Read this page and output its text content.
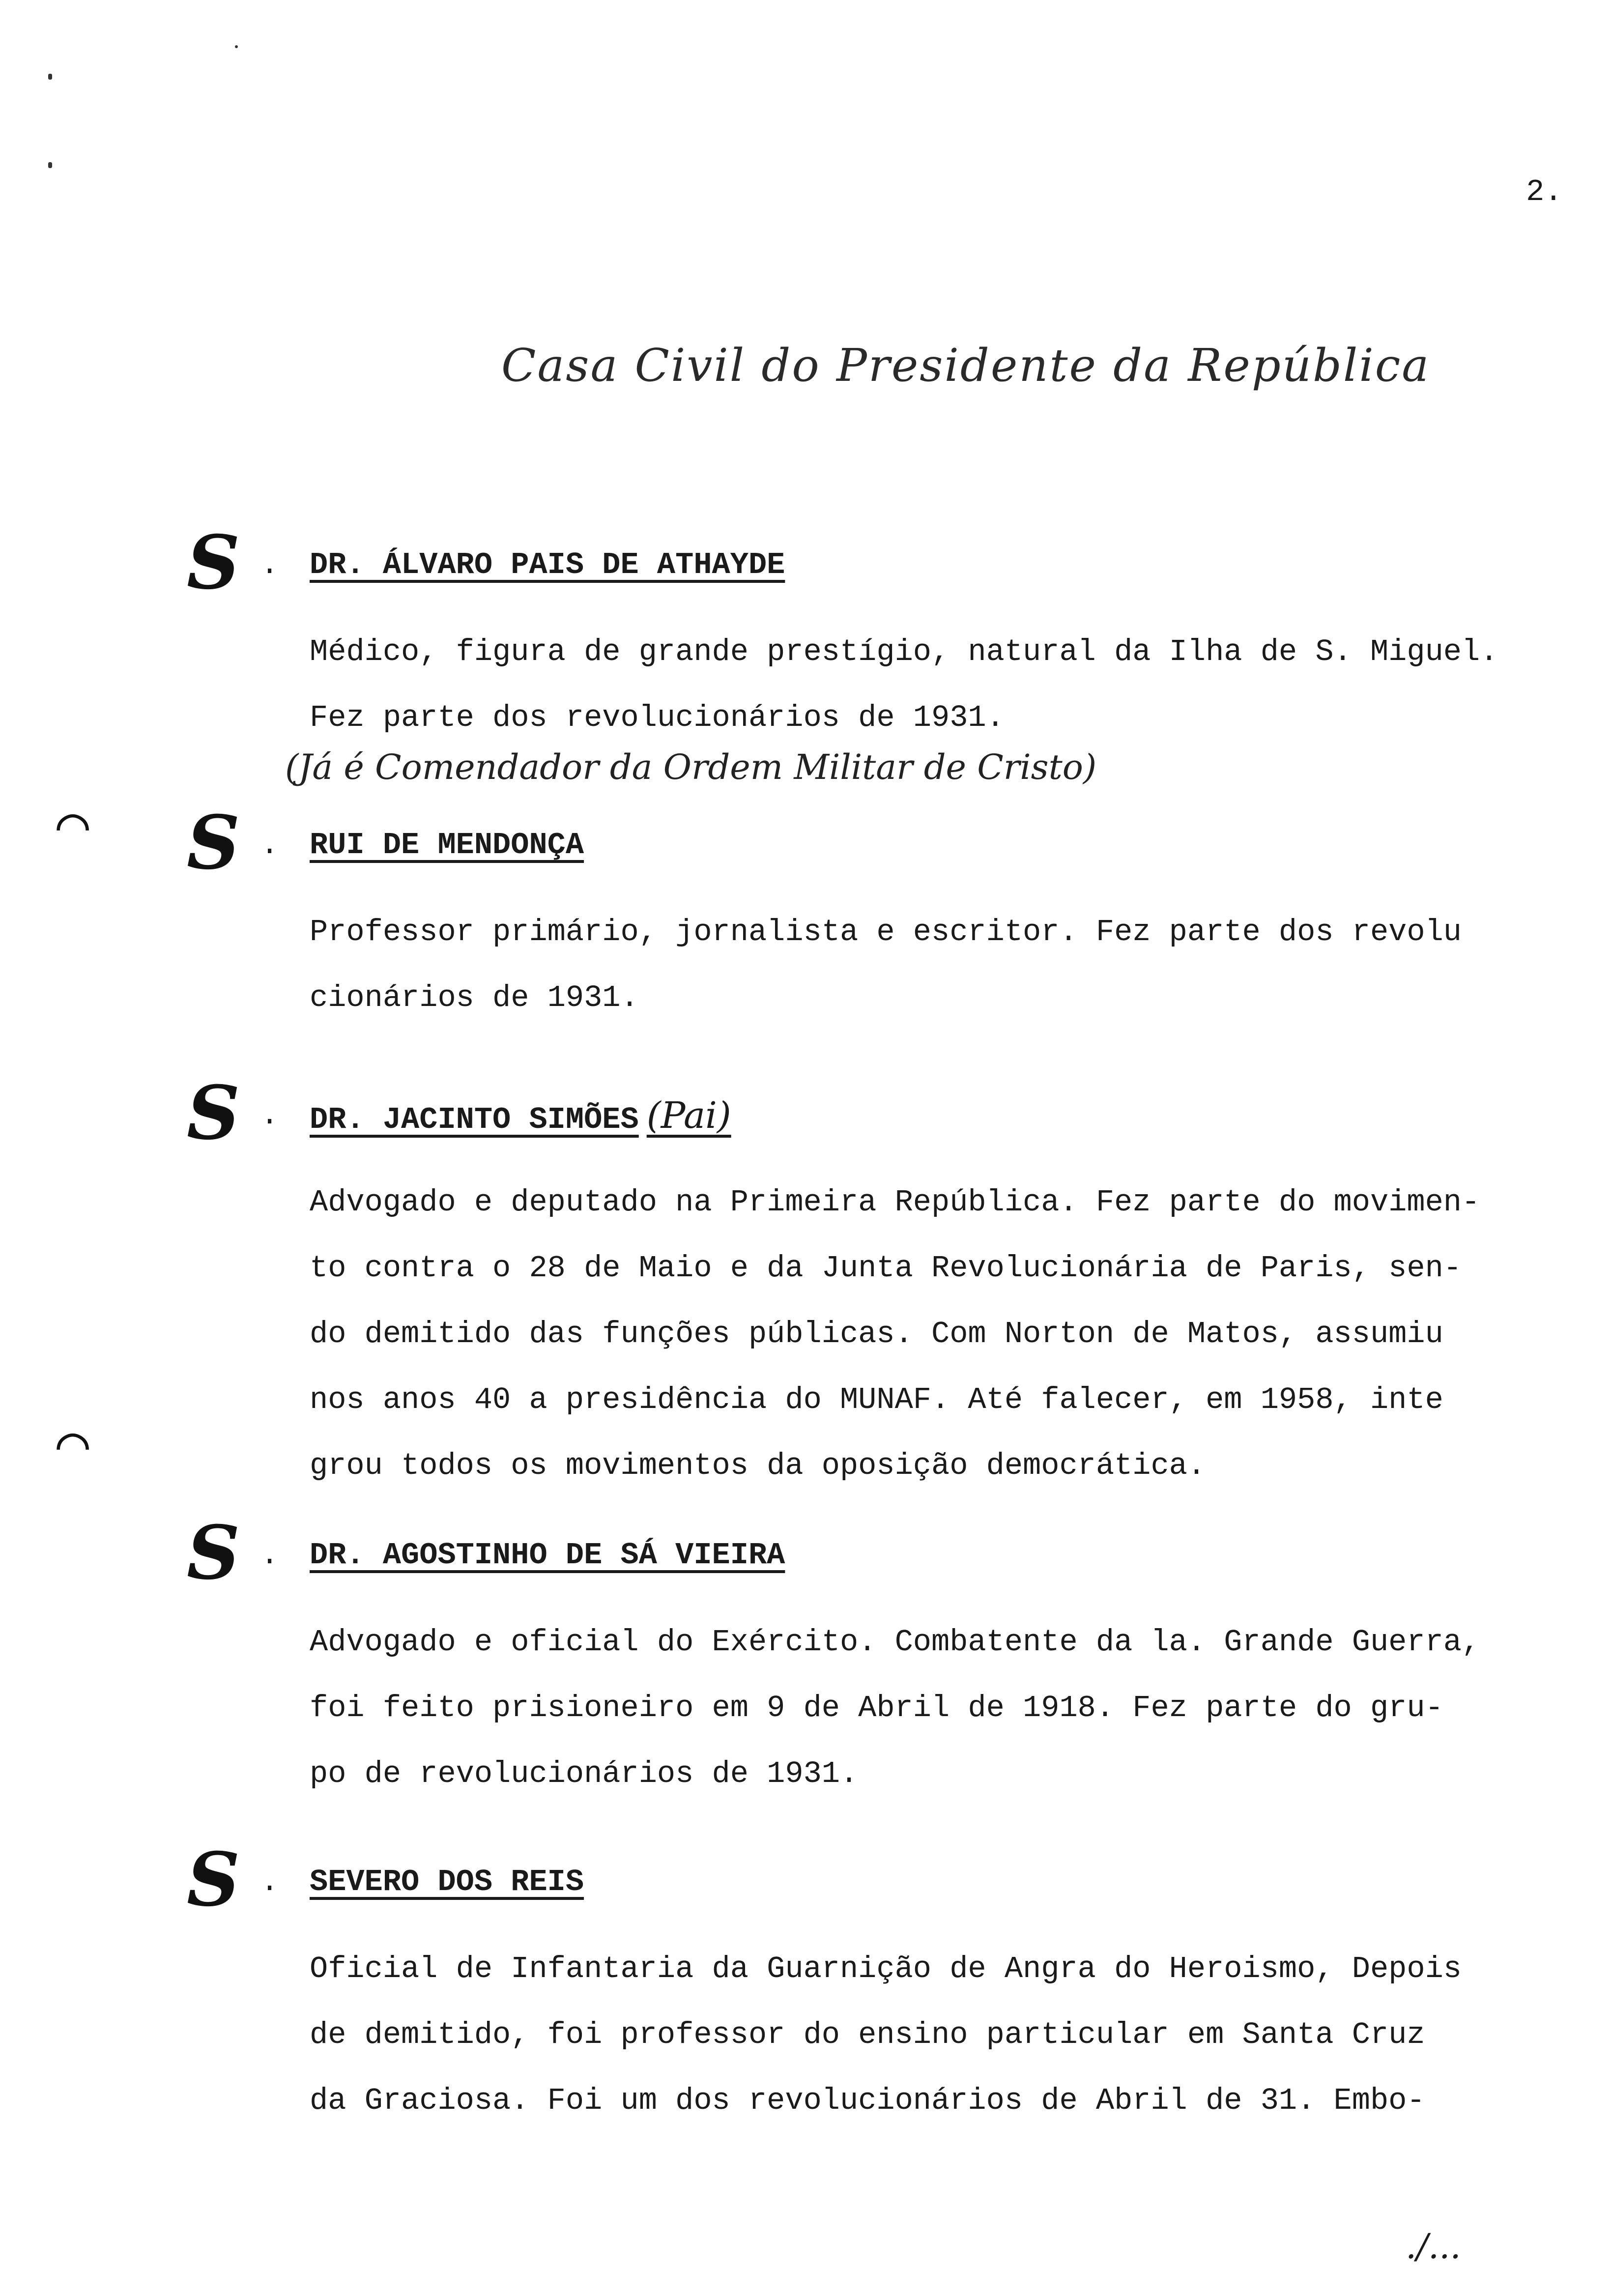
2.
Casa Civil do Presidente da República
⌒
⌒
S . DR. ÁLVARO PAIS DE ATHAYDE
Médico, figura de grande prestígio, natural da Ilha de S. Miguel.
Fez parte dos revolucionários de 1931.
(Já é Comendador da Ordem Militar de Cristo)
S . RUI DE MENDONÇA
Professor primário, jornalista e escritor. Fez parte dos revolu
cionários de 1931.
S . DR. JACINTO SIMÕES (Pai)
Advogado e deputado na Primeira República. Fez parte do movimen-
to contra o 28 de Maio e da Junta Revolucionária de Paris, sen-
do demitido das funções públicas. Com Norton de Matos, assumiu
nos anos 40 a presidência do MUNAF. Até falecer, em 1958, inte
grou todos os movimentos da oposição democrática.
S . DR. AGOSTINHO DE SÁ VIEIRA
Advogado e oficial do Exército. Combatente da la. Grande Guerra,
foi feito prisioneiro em 9 de Abril de 1918. Fez parte do gru-
po de revolucionários de 1931.
S . SEVERO DOS REIS
Oficial de Infantaria da Guarnição de Angra do Heroismo, Depois
de demitido, foi professor do ensino particular em Santa Cruz
da Graciosa. Foi um dos revolucionários de Abril de 31. Embo-
./...
